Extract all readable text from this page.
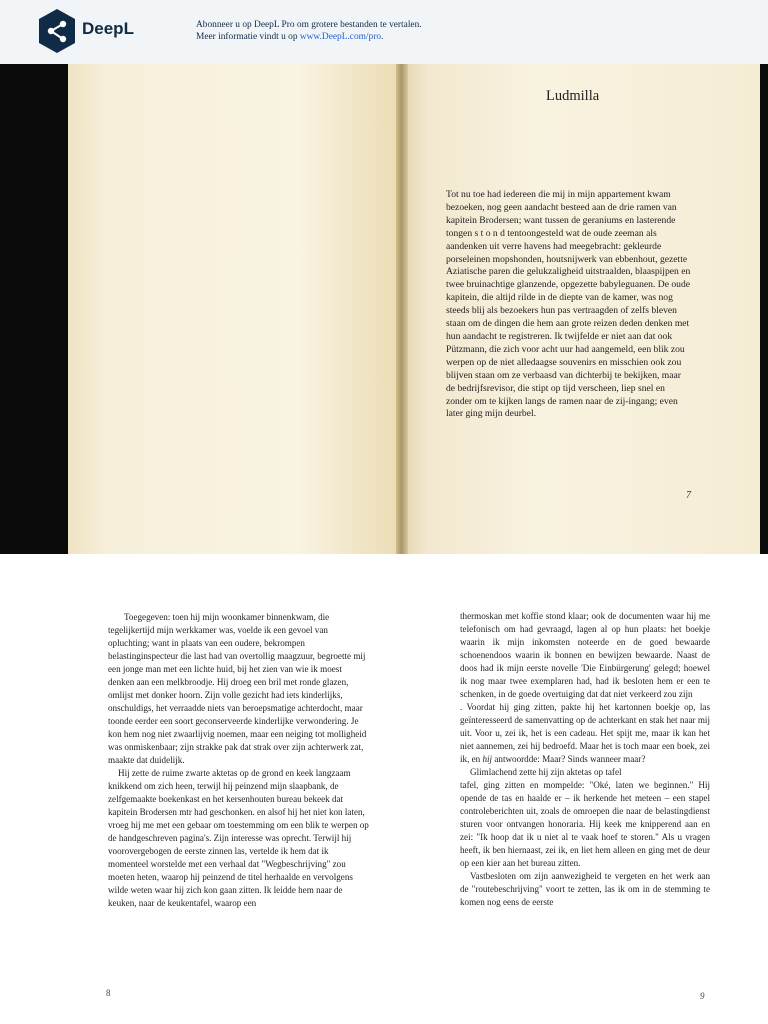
DeepL	Abonneer u op DeepL Pro om grotere bestanden te vertalen.
Meer informatie vindt u op www.DeepL.com/pro.
Ludmilla

Tot nu toe had iedereen die mij in mijn appartement kwam bezoeken, nog geen aandacht besteed aan de drie ramen van kapitein Brodersen; want tussen de geraniums en lasterende tongen s t o n d tentoongesteld wat de oude zeeman als aandenken uit verre havens had meegebracht: gekleurde porseleinen mopshonden, houtsnijwerk van ebbenhout, gezette Aziatische paren die gelukzaligheid uitstraalden, blaaspijpen en twee bruinachtige glanzende, opgezette babyleguanen. De oude kapitein, die altijd rilde in de diepte van de kamer, was nog steeds blij als bezoekers hun pas vertraagden of zelfs bleven staan om de dingen die hem aan grote reizen deden denken met hun aandacht te registreren. Ik twijfelde er niet aan dat ook Pützmann, die zich voor acht uur had aangemeld, een blik zou werpen op de niet alledaagse souvenirs en misschien ook zou blijven staan om ze verbaasd van dichterbij te bekijken, maar de bedrijfsrevisor, die stipt op tijd verscheen, liep snel en zonder om te kijken langs de ramen naar de zij-ingang; even later ging mijn deurbel.

7

Toegegeven: toen hij mijn woonkamer binnenkwam, die tegelijkertijd mijn werkkamer was, voelde ik een gevoel van opluchting; want in plaats van een oudere, bekrompen belastinginspecteur die last had van overtollig maagzuur, begroette mij een jonge man met een lichte huid, bij het zien van wie ik moest denken aan een melkbroodje. Hij droeg een bril met ronde glazen, omlijst met donker hoorn. Zijn volle gezicht had iets kinderlijks, onschuldigs, het verraadde niets van beroepsmatige achterdocht, maar toonde eerder een soort geconserveerde kinderlijke verwondering. Je kon hem nog niet zwaarlijvig noemen, maar een neiging tot molligheid was onmiskenbaar; zijn strakke pak dat strak over zijn achterwerk zat, maakte dat duidelijk.

Hij zette de ruime zwarte aktetas op de grond en keek langzaam knikkend om zich heen, terwijl hij peinzend mijn slaapbank, de zelfgemaakte boekenkast en het kersenhouten bureau bekeek dat kapitein Brodersen mtr had geschonken. en alsof hij het niet kon laten, vroeg hij me met een gebaar om toestemming om een blik te werpen op de handgeschreven pagina's. Zijn interesse was oprecht. Terwijl hij voorovergebogen de eerste zinnen las, vertelde ik hem dat ik momenteel worstelde met een verhaal dat "Wegbeschrijving" zou moeten heten, waarop hij peinzend de titel herhaalde en vervolgens wilde weten waar hij zich kon gaan zitten. Ik leidde hem naar de keuken, naar de keukentafel, waarop een

8

thermoskan met koffie stond klaar; ook de documenten waar hij me telefonisch om had gevraagd, lagen al op hun plaats: het boekje waarin ik mijn inkomsten noteerde en de goed bewaarde schoenendoos waarin ik bonnen en bewijzen bewaarde. Naast de doos had ik mijn eerste novelle 'Die Einbürgerung' gelegd; hoewel ik nog maar twee exemplaren had, had ik besloten hem er een te schenken, in de goede overtuiging dat dat niet verkeerd zou zijn

. Voordat hij ging zitten, pakte hij het kartonnen boekje op, las geïnteresseerd de samenvatting op de achterkant en stak het naar mij uit. Voor u, zei ik, het is een cadeau. Het spijt me, maar ik kan het niet aannemen, zei hij bedroefd. Maar het is toch maar een boek, zei ik, en hij antwoordde: Maar? Sinds wanneer maar?

Glimlachend zette hij zijn aktetas op tafel

tafel, ging zitten en mompelde: "Oké, laten we beginnen." Hij opende de tas en haalde er – ik herkende het meteen – een stapel controleberichten uit, zoals de omroepen die naar de belastingdienst sturen voor ontvangen honoraria. Hij keek me knipperend aan en zei: "Ik hoop dat ik u niet al te vaak hoef te storen." Als u vragen heeft, ik ben hiernaast, zei ik, en liet hem alleen en ging met de deur op een kier aan het bureau zitten.

Vastbesloten om zijn aanwezigheid te vergeten en het werk aan de "routebeschrijving" voort te zetten, las ik om in de stemming te komen nog eens de eerste

9
